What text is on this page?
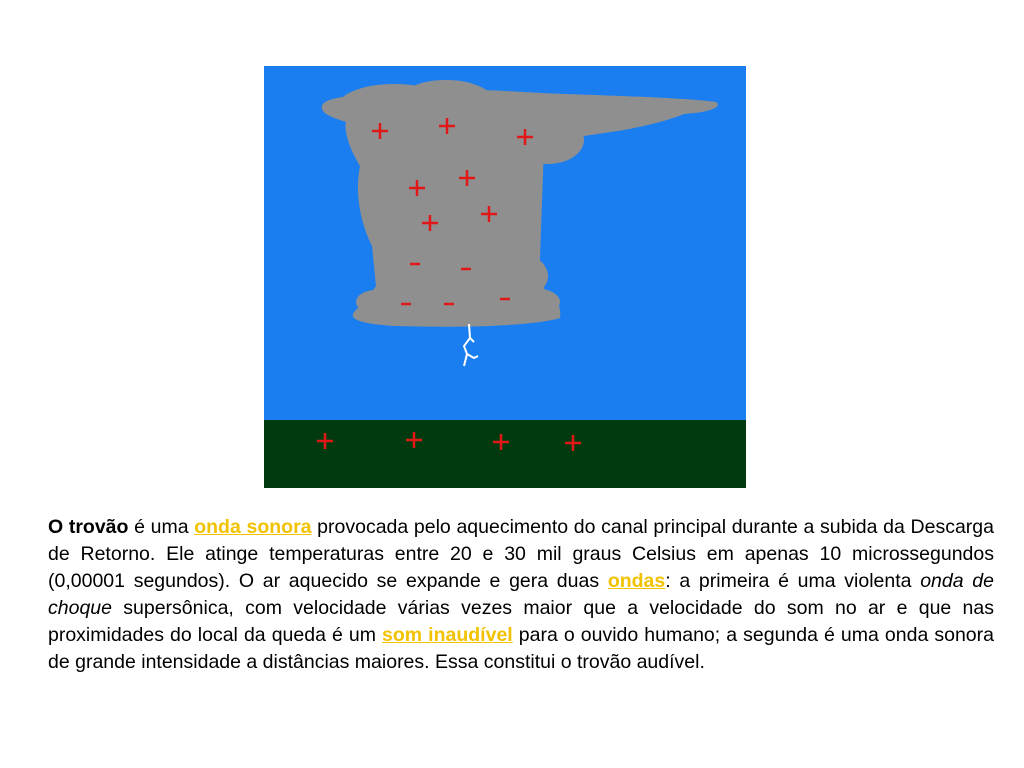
O trovão é uma onda sonora provocada pelo aquecimento do canal principal durante a subida da Descarga de Retorno. Ele atinge temperaturas entre 20 e 30 mil graus Celsius em apenas 10 microssegundos (0,00001 segundos). O ar aquecido se expande e gera duas ondas: a primeira é uma violenta onda de choque supersônica, com velocidade várias vezes maior que a velocidade do som no ar e que nas proximidades do local da queda é um som inaudível para o ouvido humano; a segunda é uma onda sonora de grande intensidade a distâncias maiores. Essa constitui o trovão audível.
